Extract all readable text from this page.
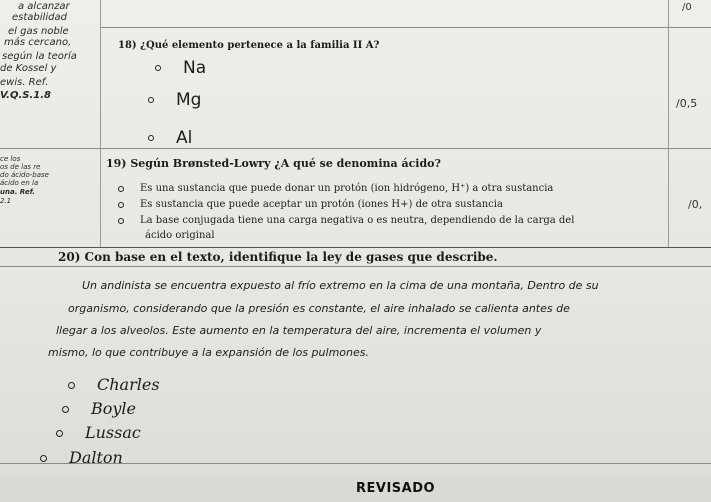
/0
a alcanzar
estabilidad
el gas noble
más cercano,
según la teoría
de Kossel y
ewis. Ref.
V.Q.S.1.8
ce los
os de las re
do ácido-base
ácido en la
una. Ref.
2.1
18) ¿Qué elemento pertenece a la familia II A?
Na
Mg
Al
/0,5
19) Según Brønsted-Lowry ¿A qué se denomina ácido?
Es una sustancia que puede donar un protón (ion hidrógeno, H⁺) a otra sustancia
Es sustancia que puede aceptar un protón (iones H+) de otra sustancia
La base conjugada tiene una carga negativa o es neutra, dependiendo de la carga del
ácido original
/0,
20) Con base en el texto, identifique la ley de gases que describe.
Un andinista se encuentra expuesto al frío extremo en la cima de una montaña, Dentro de su
organismo, considerando que la presión es constante, el aire inhalado se calienta antes de
llegar a los alveolos. Este aumento en la temperatura del aire, incrementa el volumen y
mismo, lo que contribuye a la expansión de los pulmones.
Charles
Boyle
Lussac
Dalton
REVISADO
